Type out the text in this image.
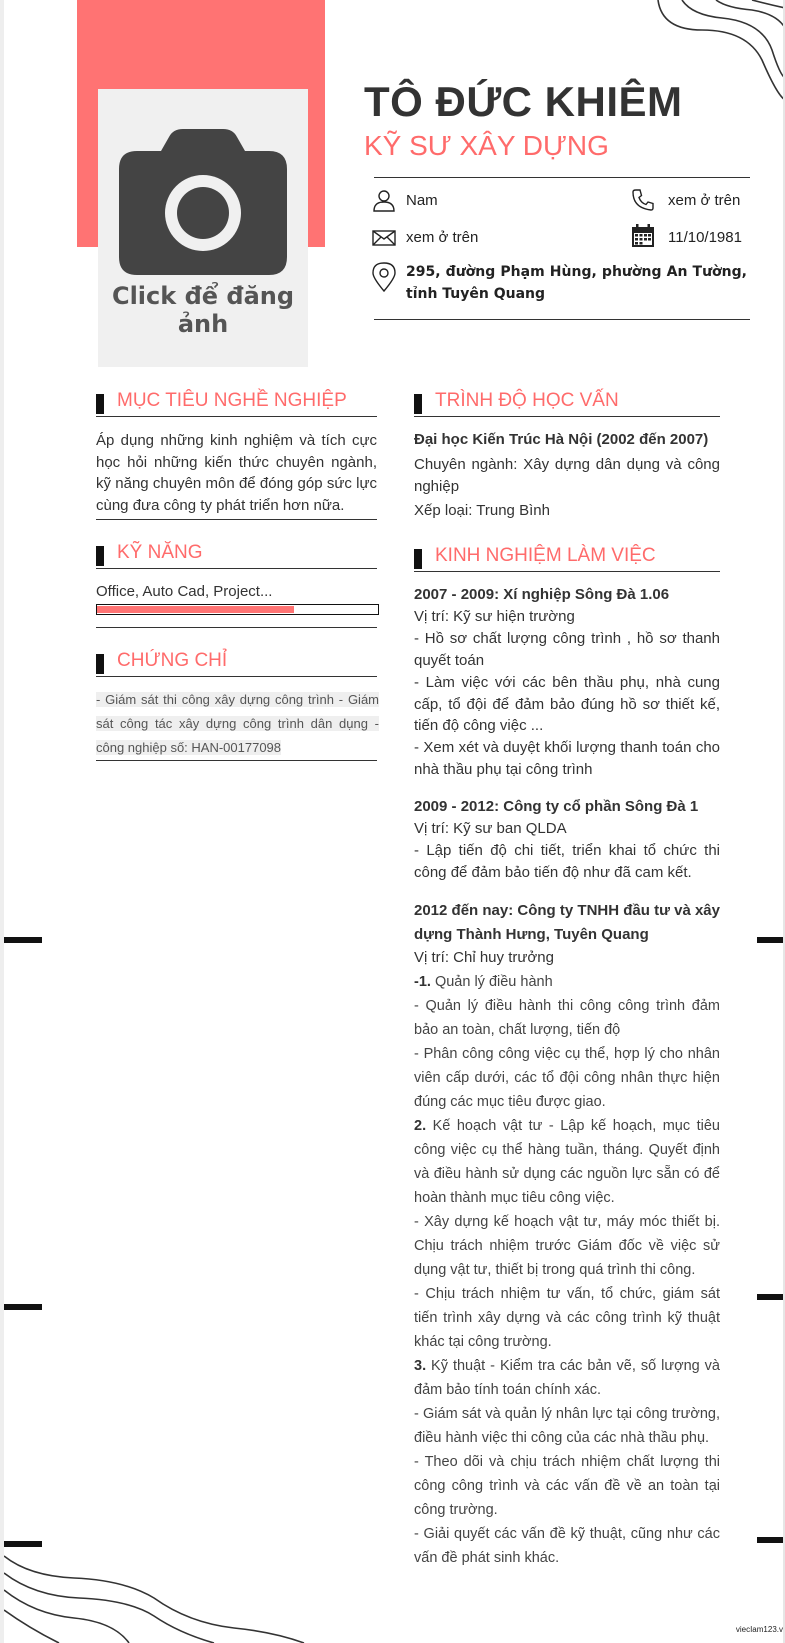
Click để đăng ảnh
TÔ ĐỨC KHIÊM
KỸ SƯ XÂY DỰNG
Nam	xem ở trên
xem ở trên	11/10/1981
295, đường Phạm Hùng, phường An Tường, tỉnh Tuyên Quang
MỤC TIÊU NGHỀ NGHIỆP
Áp dụng những kinh nghiệm và tích cực học hỏi những kiến thức chuyên ngành, kỹ năng chuyên môn để đóng góp sức lực cùng đưa công ty phát triển hơn nữa.
KỸ NĂNG
Office, Auto Cad, Project...
CHỨNG CHỈ
- Giám sát thi công xây dựng công trình - Giám sát công tác xây dựng công trình dân dụng - công nghiệp số: HAN-00177098
TRÌNH ĐỘ HỌC VẤN
Đại học Kiến Trúc Hà Nội (2002 đến 2007)
Chuyên ngành: Xây dựng dân dụng và công nghiệp
Xếp loại: Trung Bình
KINH NGHIỆM LÀM VIỆC
2007 - 2009: Xí nghiệp Sông Đà 1.06
Vị trí: Kỹ sư hiện trường
- Hồ sơ chất lượng công trình , hồ sơ thanh quyết toán
- Làm việc với các bên thầu phụ, nhà cung cấp, tổ đội để đảm bảo đúng hồ sơ thiết kế, tiến độ công việc ...
- Xem xét và duyệt khối lượng thanh toán cho nhà thầu phụ tại công trình
2009 - 2012: Công ty cổ phần Sông Đà 1
Vị trí: Kỹ sư ban QLDA
- Lập tiến độ chi tiết, triển khai tổ chức thi công để đảm bảo tiến độ như đã cam kết.
2012 đến nay: Công ty TNHH đầu tư và xây dựng Thành Hưng, Tuyên Quang
Vị trí: Chỉ huy trưởng
-1. Quản lý điều hành
- Quản lý điều hành thi công công trình đảm bảo an toàn, chất lượng, tiến độ
- Phân công công việc cụ thể, hợp lý cho nhân viên cấp dưới, các tổ đội công nhân thực hiện đúng các mục tiêu được giao.
2. Kế hoạch vật tư - Lập kế hoạch, mục tiêu công việc cụ thể hàng tuần, tháng. Quyết định và điều hành sử dụng các nguồn lực sẵn có để hoàn thành mục tiêu công việc.
- Xây dựng kế hoạch vật tư, máy móc thiết bị. Chịu trách nhiệm trước Giám đốc về việc sử dụng vật tư, thiết bị trong quá trình thi công.
- Chịu trách nhiệm tư vấn, tổ chức, giám sát tiến trình xây dựng và các công trình kỹ thuật khác tại công trường.
3. Kỹ thuật - Kiểm tra các bản vẽ, số lượng và đảm bảo tính toán chính xác.
- Giám sát và quản lý nhân lực tại công trường, điều hành việc thi công của các nhà thầu phụ.
- Theo dõi và chịu trách nhiệm chất lượng thi công công trình và các vấn đề về an toàn tại công trường.
- Giải quyết các vấn đề kỹ thuật, cũng như các vấn đề phát sinh khác.
viecIam123.v
